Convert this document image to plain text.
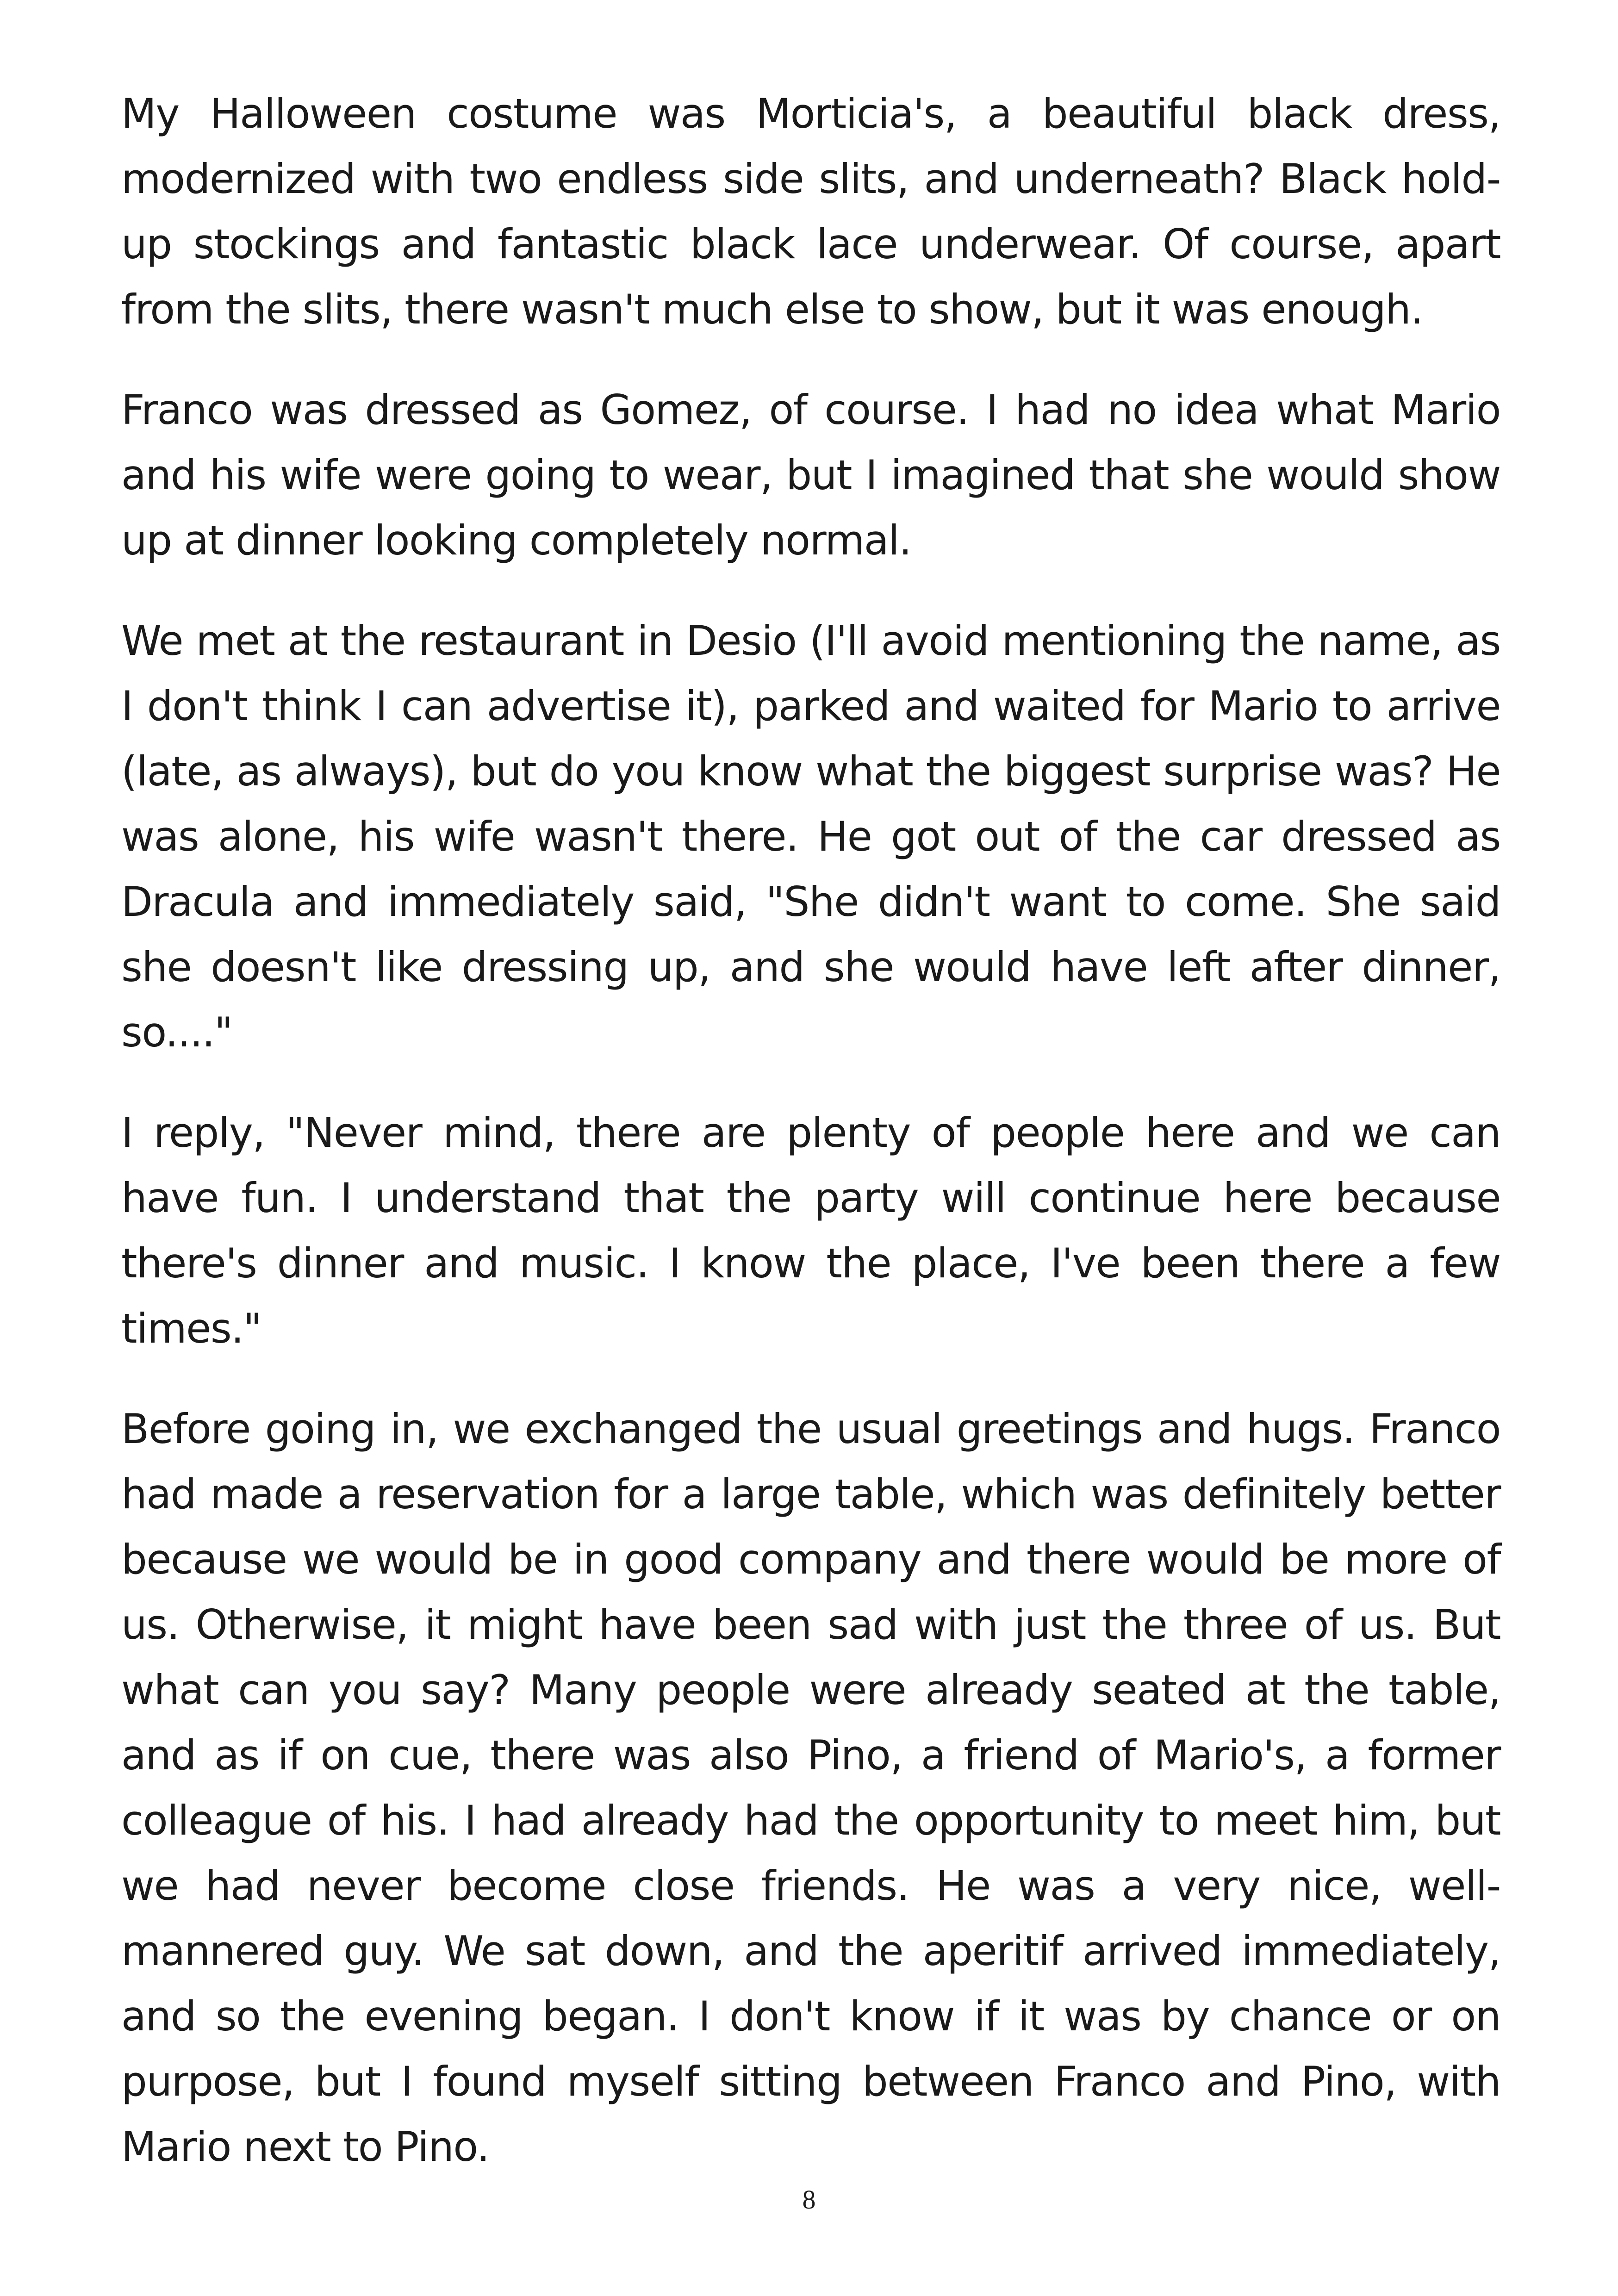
My Halloween costume was Morticia's, a beautiful black dress, modernized with two endless side slits, and underneath? Black hold-up stockings and fantastic black lace underwear. Of course, apart from the slits, there wasn't much else to show, but it was enough.

Franco was dressed as Gomez, of course. I had no idea what Mario and his wife were going to wear, but I imagined that she would show up at dinner looking completely normal.

We met at the restaurant in Desio (I'll avoid mentioning the name, as I don't think I can advertise it), parked and waited for Mario to arrive (late, as always), but do you know what the biggest surprise was? He was alone, his wife wasn't there. He got out of the car dressed as Dracula and immediately said, "She didn't want to come. She said she doesn't like dressing up, and she would have left after dinner, so...."

I reply, "Never mind, there are plenty of people here and we can have fun. I understand that the party will continue here because there's dinner and music. I know the place, I've been there a few times."

Before going in, we exchanged the usual greetings and hugs. Franco had made a reservation for a large table, which was definitely better because we would be in good company and there would be more of us. Otherwise, it might have been sad with just the three of us. But what can you say? Many people were already seated at the table, and as if on cue, there was also Pino, a friend of Mario's, a former colleague of his. I had already had the opportunity to meet him, but we had never become close friends. He was a very nice, well-mannered guy. We sat down, and the aperitif arrived immediately, and so the evening began. I don't know if it was by chance or on purpose, but I found myself sitting between Franco and Pino, with Mario next to Pino.

8
